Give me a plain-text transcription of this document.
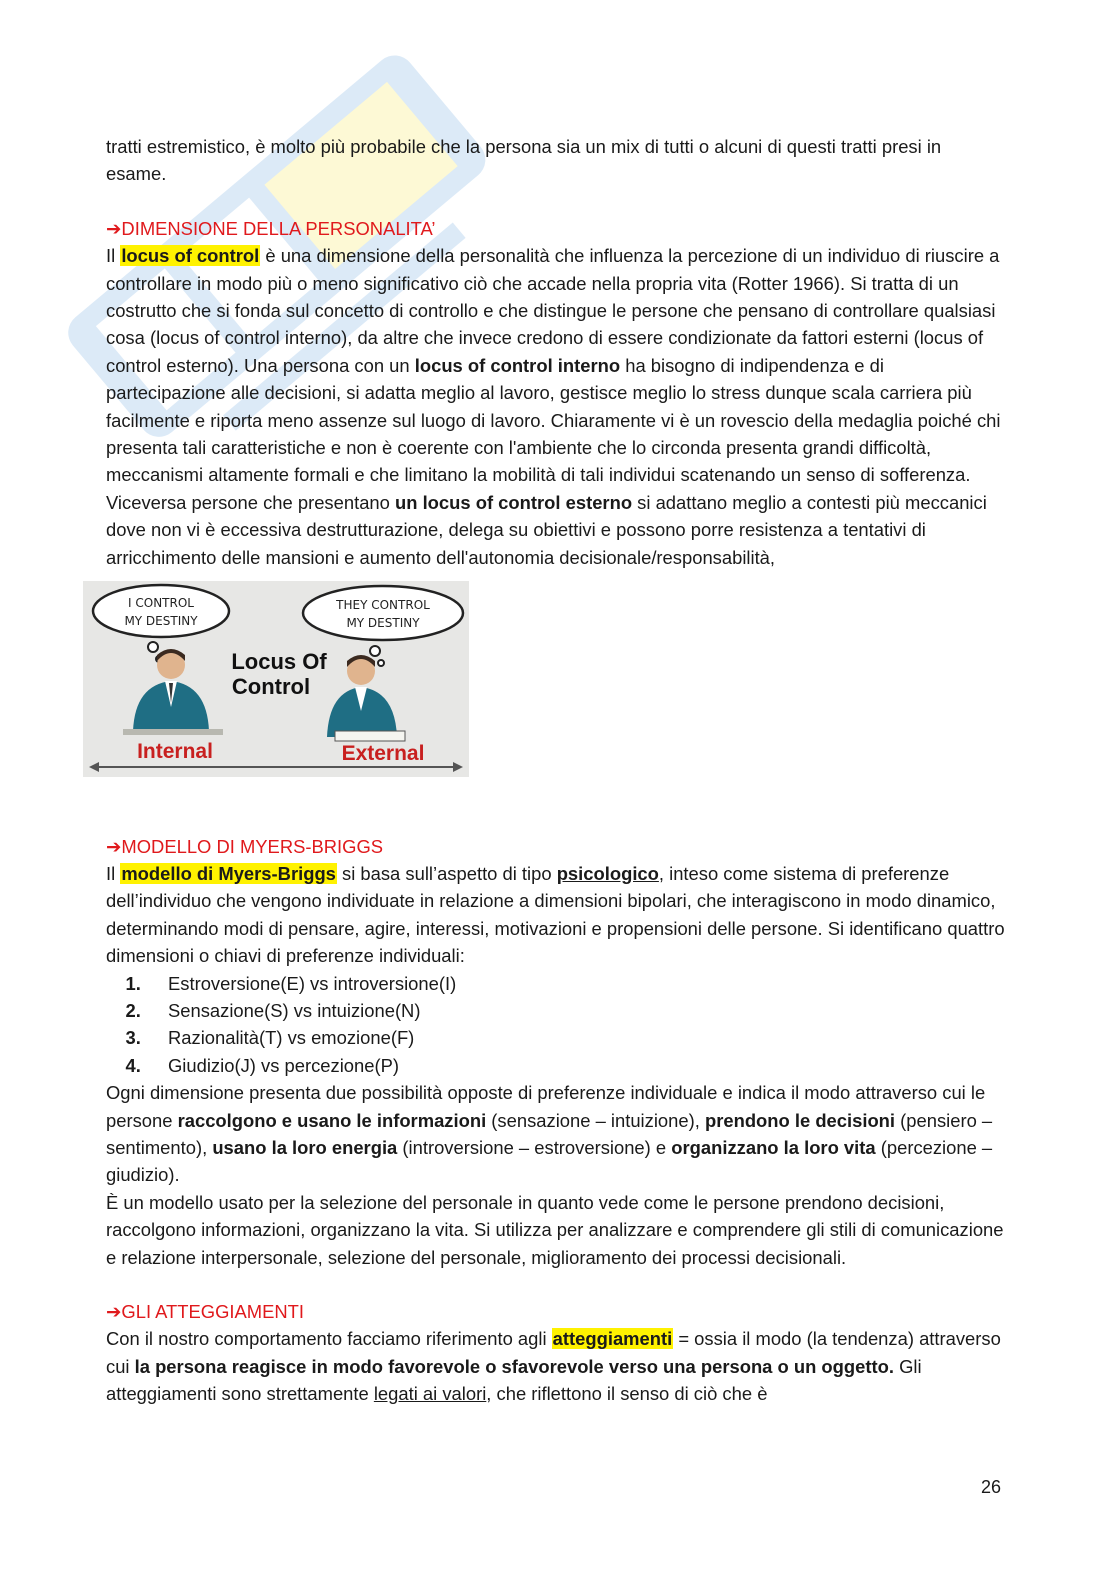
tratti estremistico, è molto più probabile che la persona sia un mix di tutti o alcuni di questi tratti presi in esame.

➔DIMENSIONE DELLA PERSONALITA’

Il locus of control è una dimensione della personalità che influenza la percezione di un individuo di riuscire a controllare in modo più o meno significativo ciò che accade nella propria vita (Rotter 1966). Si tratta di un costrutto che si fonda sul concetto di controllo e che distingue le persone che pensano di controllare qualsiasi cosa (locus of control interno), da altre che invece credono di essere condizionate da fattori esterni (locus of control esterno). Una persona con un locus of control interno ha bisogno di indipendenza e di partecipazione alle decisioni, si adatta meglio al lavoro, gestisce meglio lo stress dunque scala carriera più facilmente e riporta meno assenze sul luogo di lavoro. Chiaramente vi è un rovescio della medaglia poiché chi presenta tali caratteristiche e non è coerente con l'ambiente che lo circonda presenta grandi difficoltà, meccanismi altamente formali e che limitano la mobilità di tali individui scatenando un senso di sofferenza.

Viceversa persone che presentano un locus of control esterno si adattano meglio a contesti più meccanici dove non vi è eccessiva destrutturazione, delega su obiettivi e possono porre resistenza a tentativi di arricchimento delle mansioni e aumento dell'autonomia decisionale/responsabilità,

I CONTROL
MY DESTINY
THEY CONTROL
MY DESTINY
Locus Of
Control
Internal	External

➔MODELLO DI MYERS-BRIGGS

Il modello di Myers-Briggs si basa sull’aspetto di tipo psicologico, inteso come sistema di preferenze dell’individuo che vengono individuate in relazione a dimensioni bipolari, che interagiscono in modo dinamico, determinando modi di pensare, agire, interessi, motivazioni e propensioni delle persone. Si identificano quattro dimensioni o chiavi di preferenze individuali:

1. Estroversione(E) vs introversione(I)
2. Sensazione(S) vs intuizione(N)
3. Razionalità(T) vs emozione(F)
4. Giudizio(J) vs percezione(P)

Ogni dimensione presenta due possibilità opposte di preferenze individuale e indica il modo attraverso cui le persone raccolgono e usano le informazioni (sensazione – intuizione), prendono le decisioni (pensiero – sentimento), usano la loro energia (introversione – estroversione) e organizzano la loro vita (percezione – giudizio).

È un modello usato per la selezione del personale in quanto vede come le persone prendono decisioni, raccolgono informazioni, organizzano la vita. Si utilizza per analizzare e comprendere gli stili di comunicazione e relazione interpersonale, selezione del personale, miglioramento dei processi decisionali.

➔GLI ATTEGGIAMENTI

Con il nostro comportamento facciamo riferimento agli atteggiamenti = ossia il modo (la tendenza) attraverso cui la persona reagisce in modo favorevole o sfavorevole verso una persona o un oggetto. Gli atteggiamenti sono strettamente legati ai valori, che riflettono il senso di ciò che è

26
